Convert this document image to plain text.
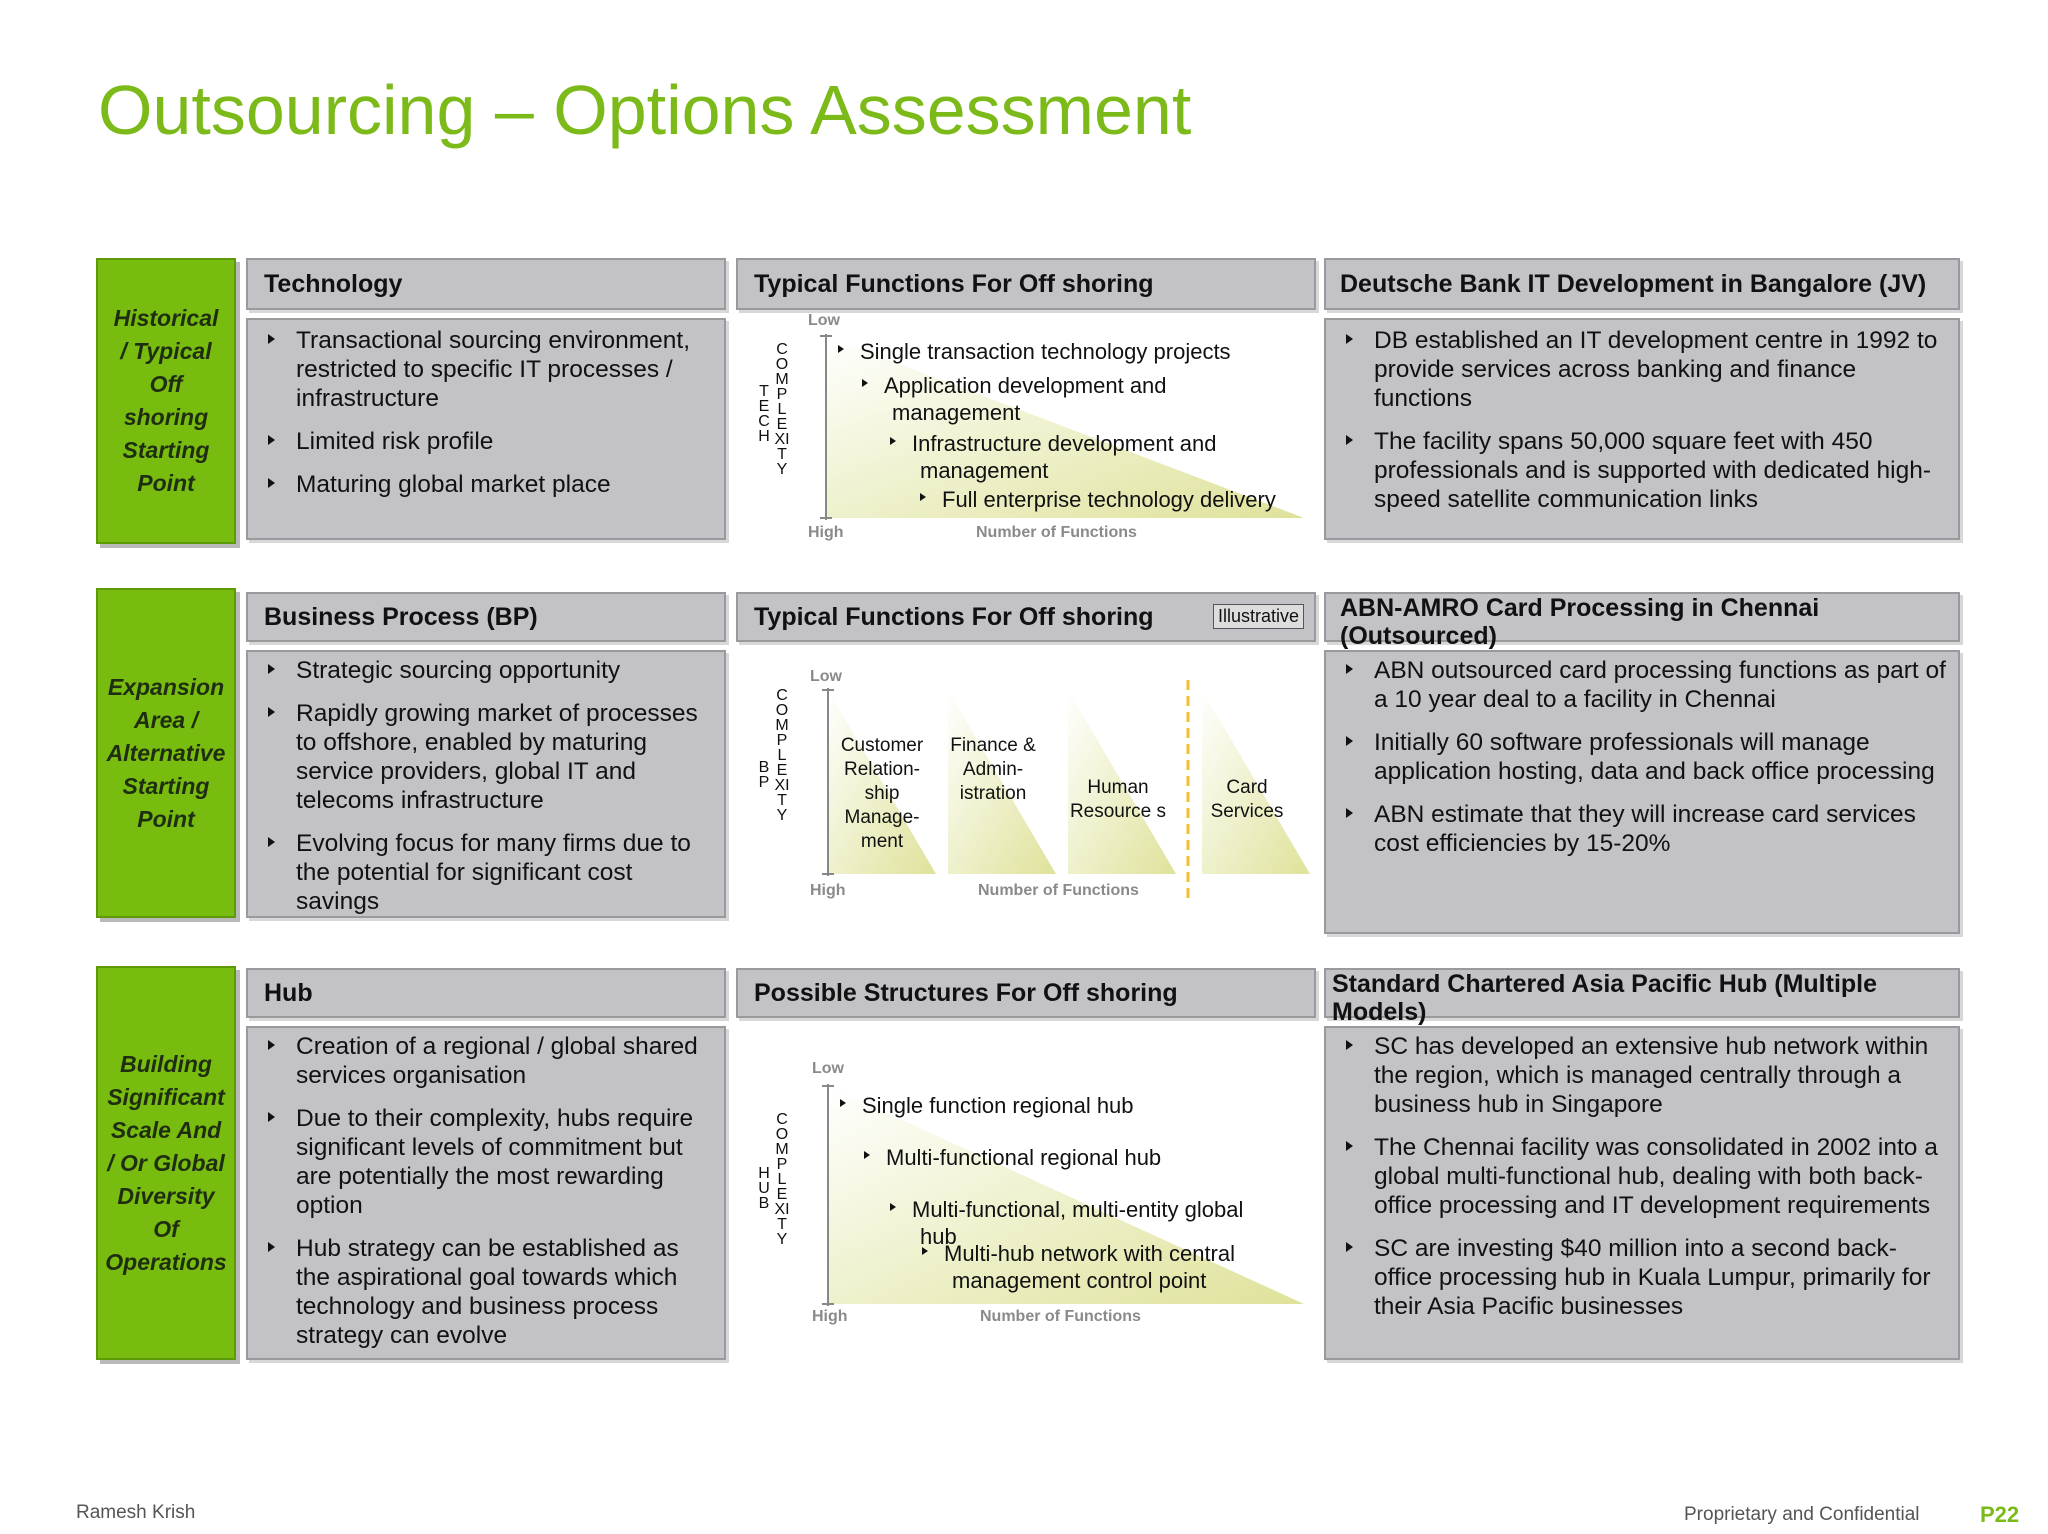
Outsourcing – Options Assessment
Historical / Typical Off shoring Starting Point
Technology
Transactional sourcing environment, restricted to specific IT processes / infrastructure
Limited risk profile
Maturing global market place
Typical Functions For Off shoring
Low
High
TECH
COMPLEXITY
Number of Functions
Single transaction technology projects
Application development and management
Infrastructure development and management
Full enterprise technology delivery
Deutsche Bank IT Development in Bangalore (JV)
DB established an IT development centre in 1992 to provide services across banking and finance functions
The facility spans 50,000 square feet with 450 professionals and is supported with dedicated high-speed satellite communication links
Expansion Area / Alternative Starting Point
Business Process (BP)
Strategic sourcing opportunity
Rapidly growing market of processes to offshore, enabled by maturing service providers, global IT and telecoms infrastructure
Evolving focus for many firms due to the potential for significant cost savings
Typical Functions For Off shoring	Illustrative
Low
High
BP
COMPLEXITY
Number of Functions
Customer Relation- ship Manage- ment
Finance & Admin- istration	Human Resource s
Card Services
ABN-AMRO Card Processing in Chennai (Outsourced)
ABN outsourced card processing functions as part of a 10 year deal to a facility in Chennai
Initially 60 software professionals will manage application hosting, data and back office processing
ABN estimate that they will increase card services cost efficiencies by 15-20%
Building Significant Scale And / Or Global Diversity Of Operations
Hub
Creation of a regional / global shared services organisation
Due to their complexity, hubs require significant levels of commitment but are potentially the most rewarding option
Hub strategy can be established as the aspirational goal towards which technology and business process strategy can evolve
Possible Structures For Off shoring
Low
High
HUB
COMPLEXITY
Number of Functions
Single function regional hub
Multi-functional regional hub
Multi-functional, multi-entity global hub
Multi-hub network with central management control point
Standard Chartered Asia Pacific Hub (Multiple Models)
SC has developed an extensive hub network within the region, which is managed centrally through a business hub in Singapore
The Chennai facility was consolidated in 2002 into a global multi-functional hub, dealing with both back-office processing and IT development requirements
SC are investing $40 million into a second back-office processing hub in Kuala Lumpur, primarily for their Asia Pacific businesses
Ramesh Krish	Proprietary and Confidential	P22
